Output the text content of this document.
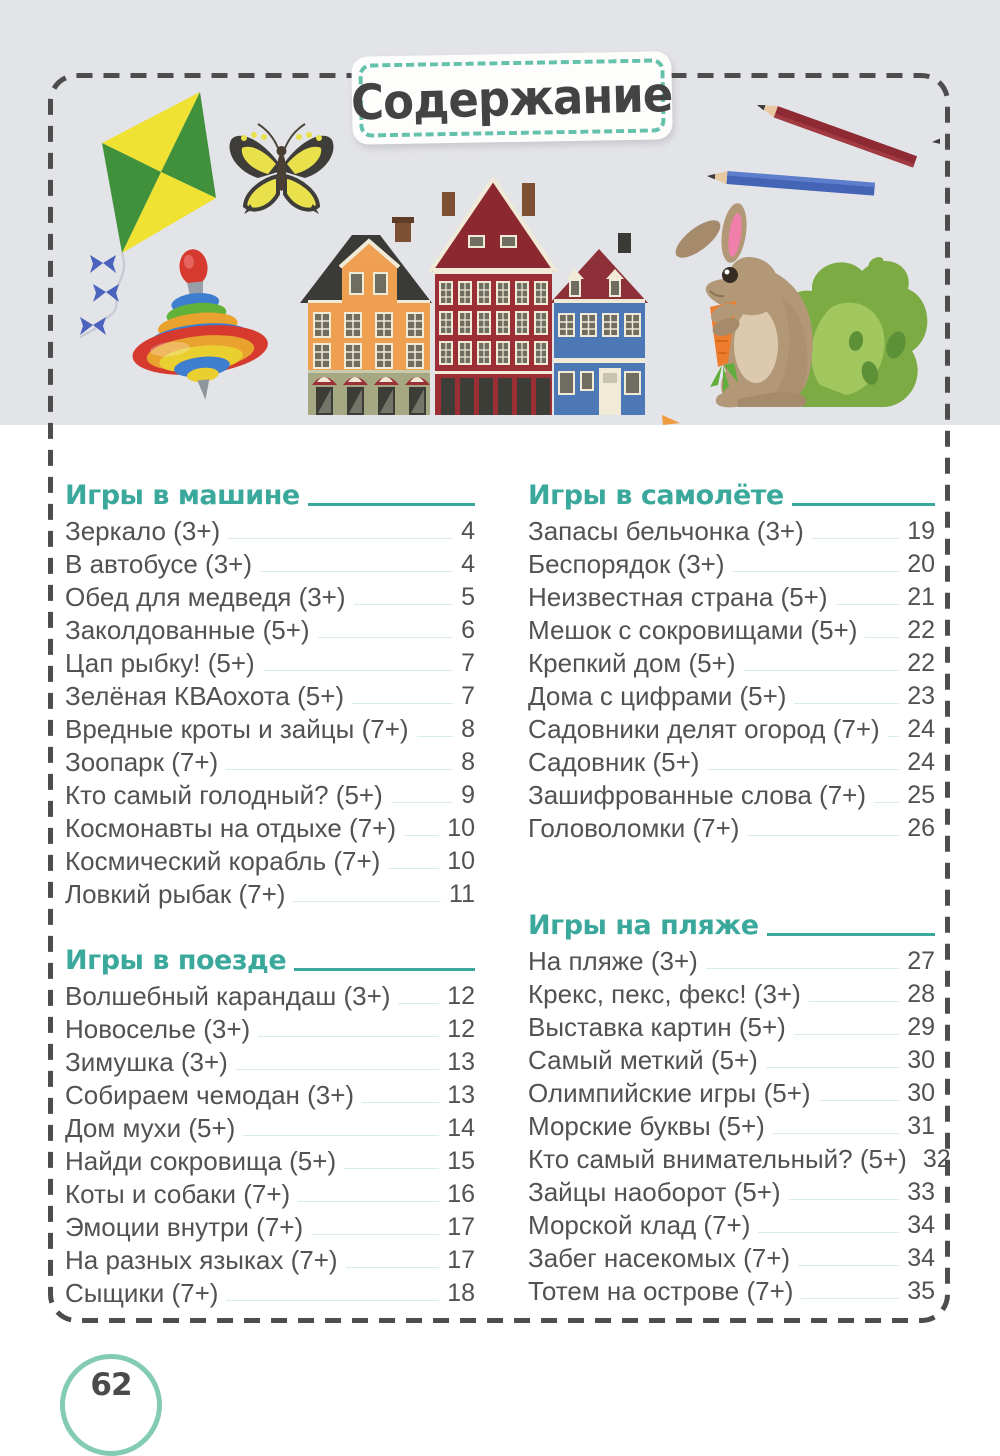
Содержание
Игры в машине
Зеркало (3+)	4
В автобусе (3+)	4
Обед для медведя (3+)	5
Заколдованные (5+)	6
Цап рыбку! (5+)	7
Зелёная КВАохота (5+)	7
Вредные кроты и зайцы (7+) 8
Зоопарк (7+)	8
Кто самый голодный? (5+)	9
Космонавты на отдыхе (7+) 10
Космический корабль (7+)	10
Ловкий рыбак (7+)	11
Игры в поезде
Волшебный карандаш (3+) 12
Новоселье (3+)	12
Зимушка (3+)	13
Собираем чемодан (3+)	13
Дом мухи (5+)	14
Найди сокровища (5+)	15
Коты и собаки (7+)	16
Эмоции внутри (7+)	17
На разных языках (7+)	17
Сыщики (7+)	18
Игры в самолёте
Запасы бельчонка (3+)	19
Беспорядок (3+)	20
Неизвестная страна (5+)	21
Мешок с сокровищами (5+) 22
Крепкий дом (5+)	22
Дома с цифрами (5+)	23
Садовники делят огород (7+) 24
Садовник (5+)	24
Зашифрованные слова (7+) 25
Головоломки (7+)	26
Игры на пляже
На пляже (3+)	27
Крекс, пекс, фекс! (3+)	28
Выставка картин (5+)	29
Самый меткий (5+)	30
Олимпийские игры (5+)	30
Морские буквы (5+)	31
Кто самый внимательный? (5+) 32
Зайцы наоборот (5+)	33
Морской клад (7+)	34
Забег насекомых (7+)	34
Тотем на острове (7+)	35
62
